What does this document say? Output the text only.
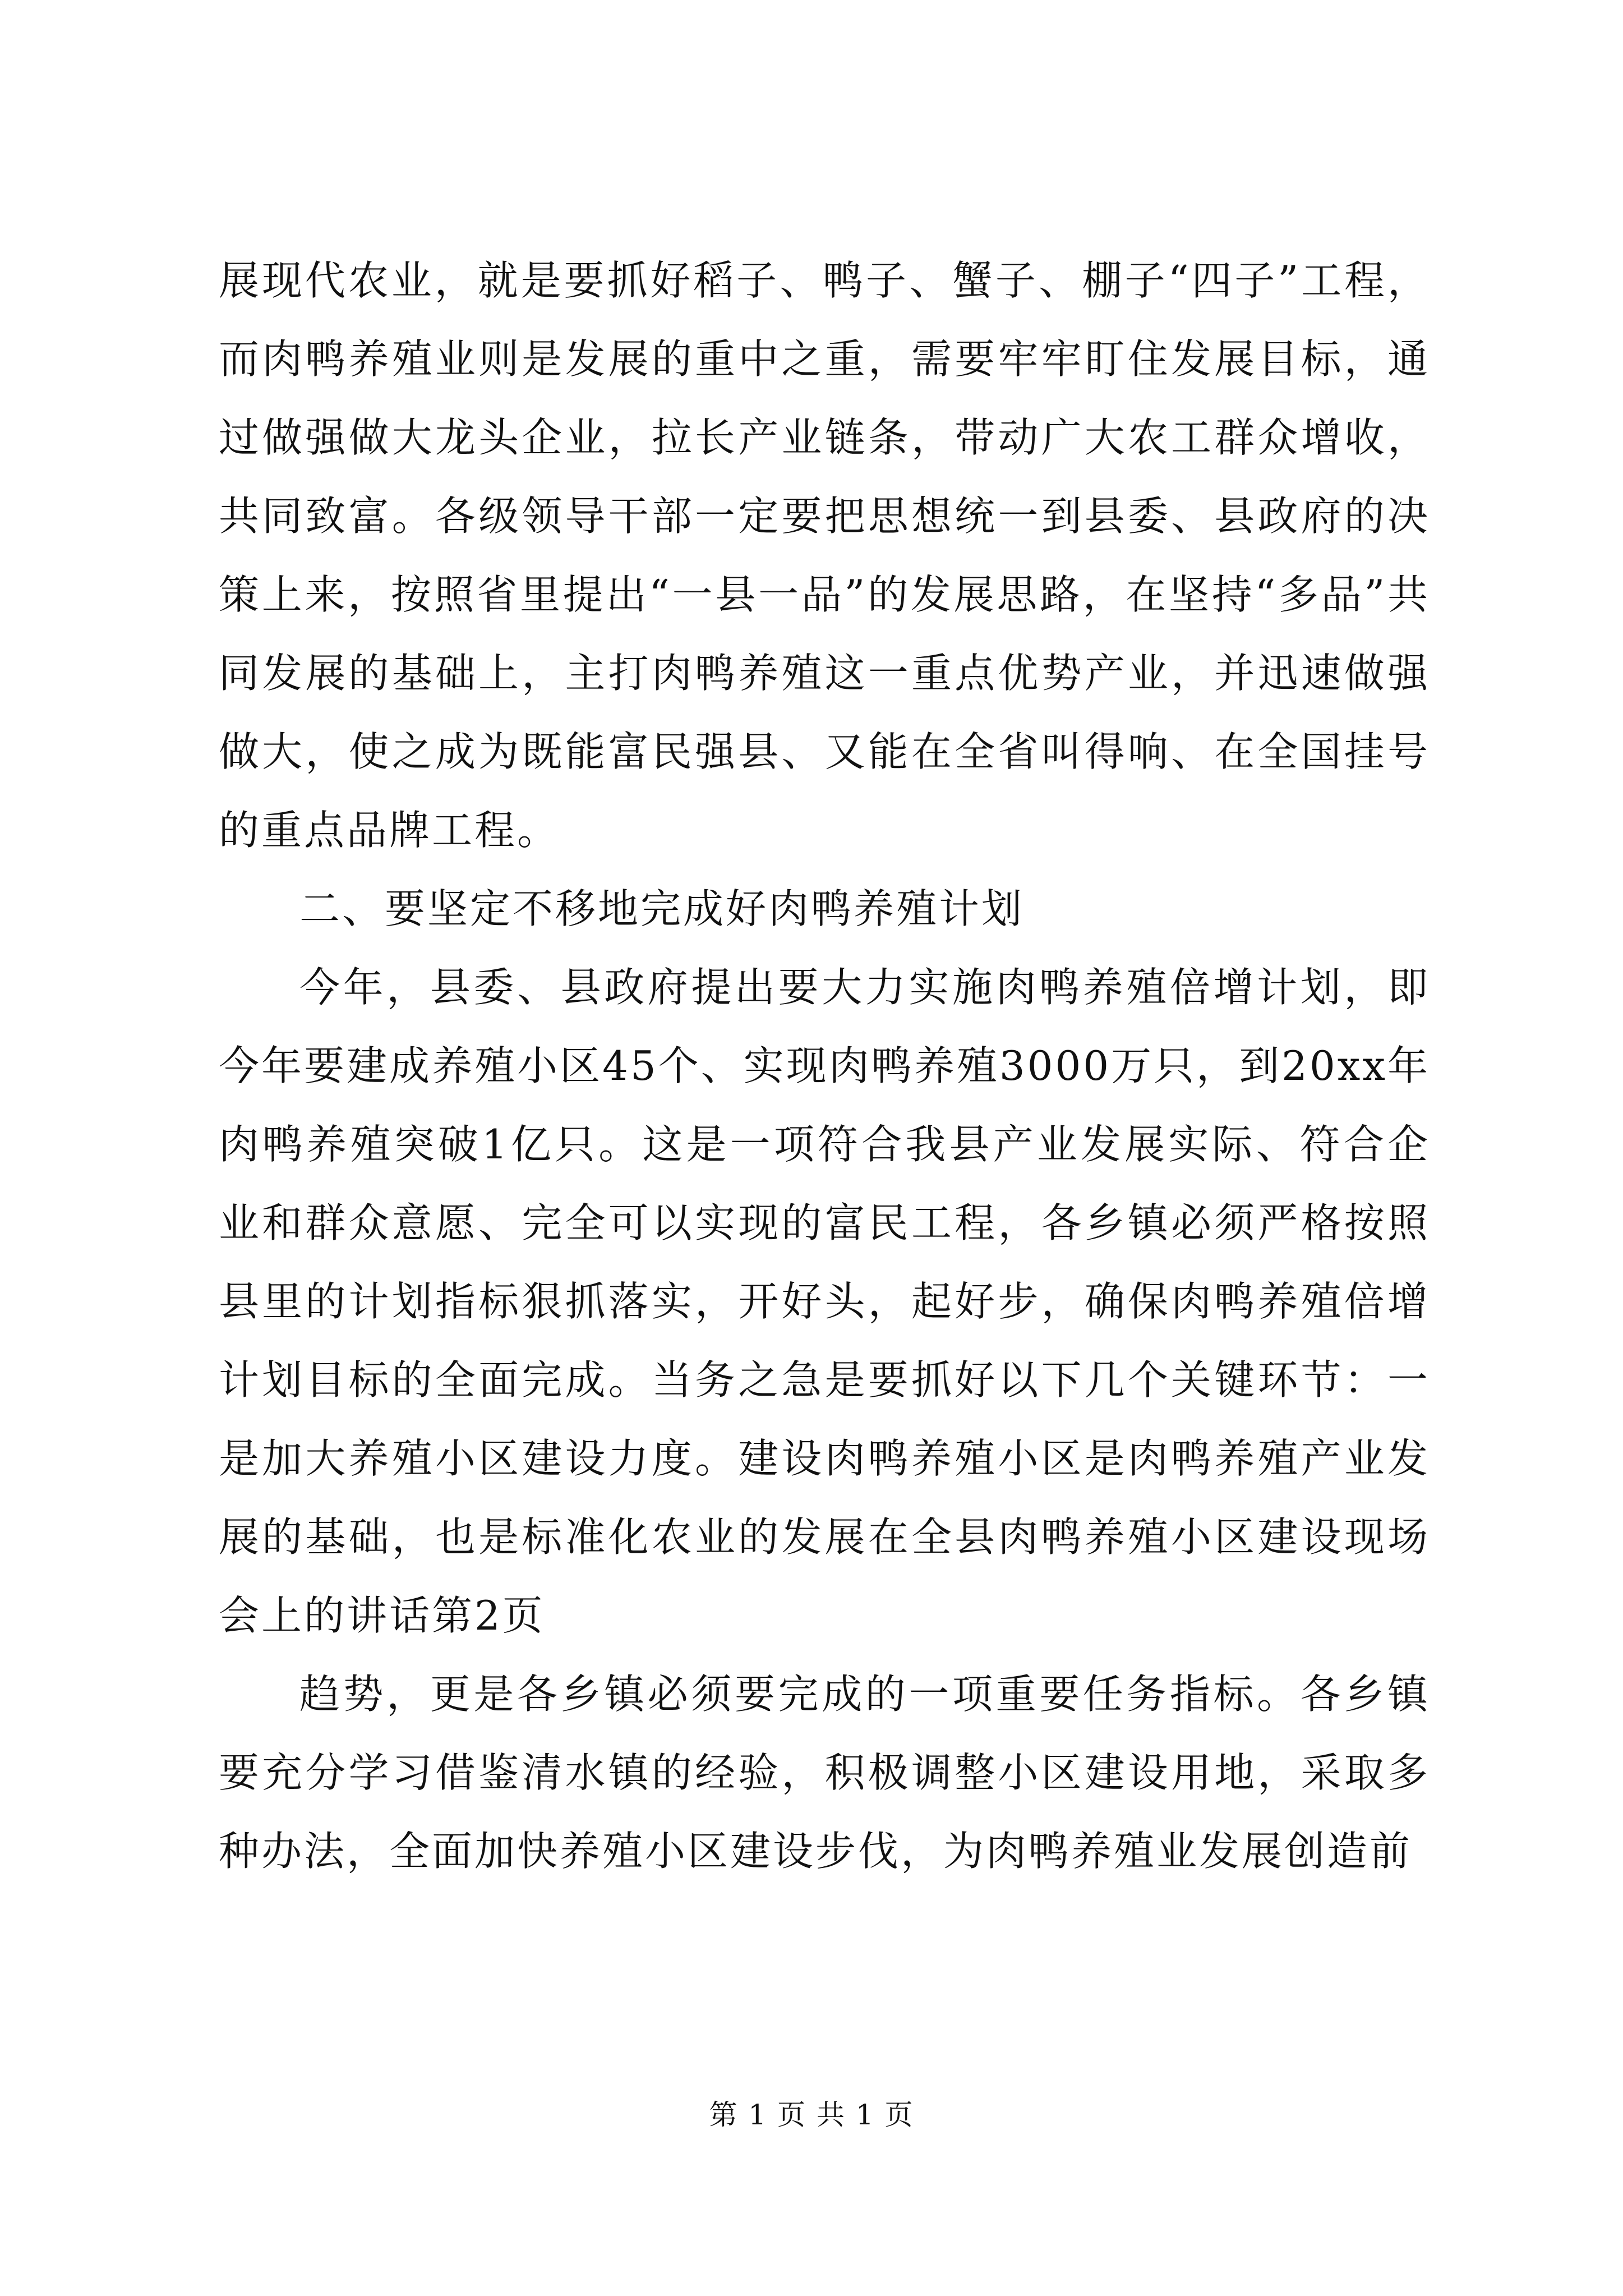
展现代农业，就是要抓好稻子、鸭子、蟹子、棚子“四子”工程，而肉鸭养殖业则是发展的重中之重，需要牢牢盯住发展目标，通过做强做大龙头企业，拉长产业链条，带动广大农工群众增收，共同致富。各级领导干部一定要把思想统一到县委、县政府的决策上来，按照省里提出“一县一品”的发展思路，在坚持“多品”共同发展的基础上，主打肉鸭养殖这一重点优势产业，并迅速做强做大，使之成为既能富民强县、又能在全省叫得响、在全国挂号的重点品牌工程。

二、要坚定不移地完成好肉鸭养殖计划

今年，县委、县政府提出要大力实施肉鸭养殖倍增计划，即今年要建成养殖小区45个、实现肉鸭养殖3000万只，到20xx年肉鸭养殖突破1亿只。这是一项符合我县产业发展实际、符合企业和群众意愿、完全可以实现的富民工程，各乡镇必须严格按照县里的计划指标狠抓落实，开好头，起好步，确保肉鸭养殖倍增计划目标的全面完成。当务之急是要抓好以下几个关键环节：一是加大养殖小区建设力度。建设肉鸭养殖小区是肉鸭养殖产业发展的基础，也是标准化农业的发展在全县肉鸭养殖小区建设现场会上的讲话第2页

趋势，更是各乡镇必须要完成的一项重要任务指标。各乡镇要充分学习借鉴清水镇的经验，积极调整小区建设用地，采取多种办法，全面加快养殖小区建设步伐，为肉鸭养殖业发展创造前

第 1 页 共 1 页
